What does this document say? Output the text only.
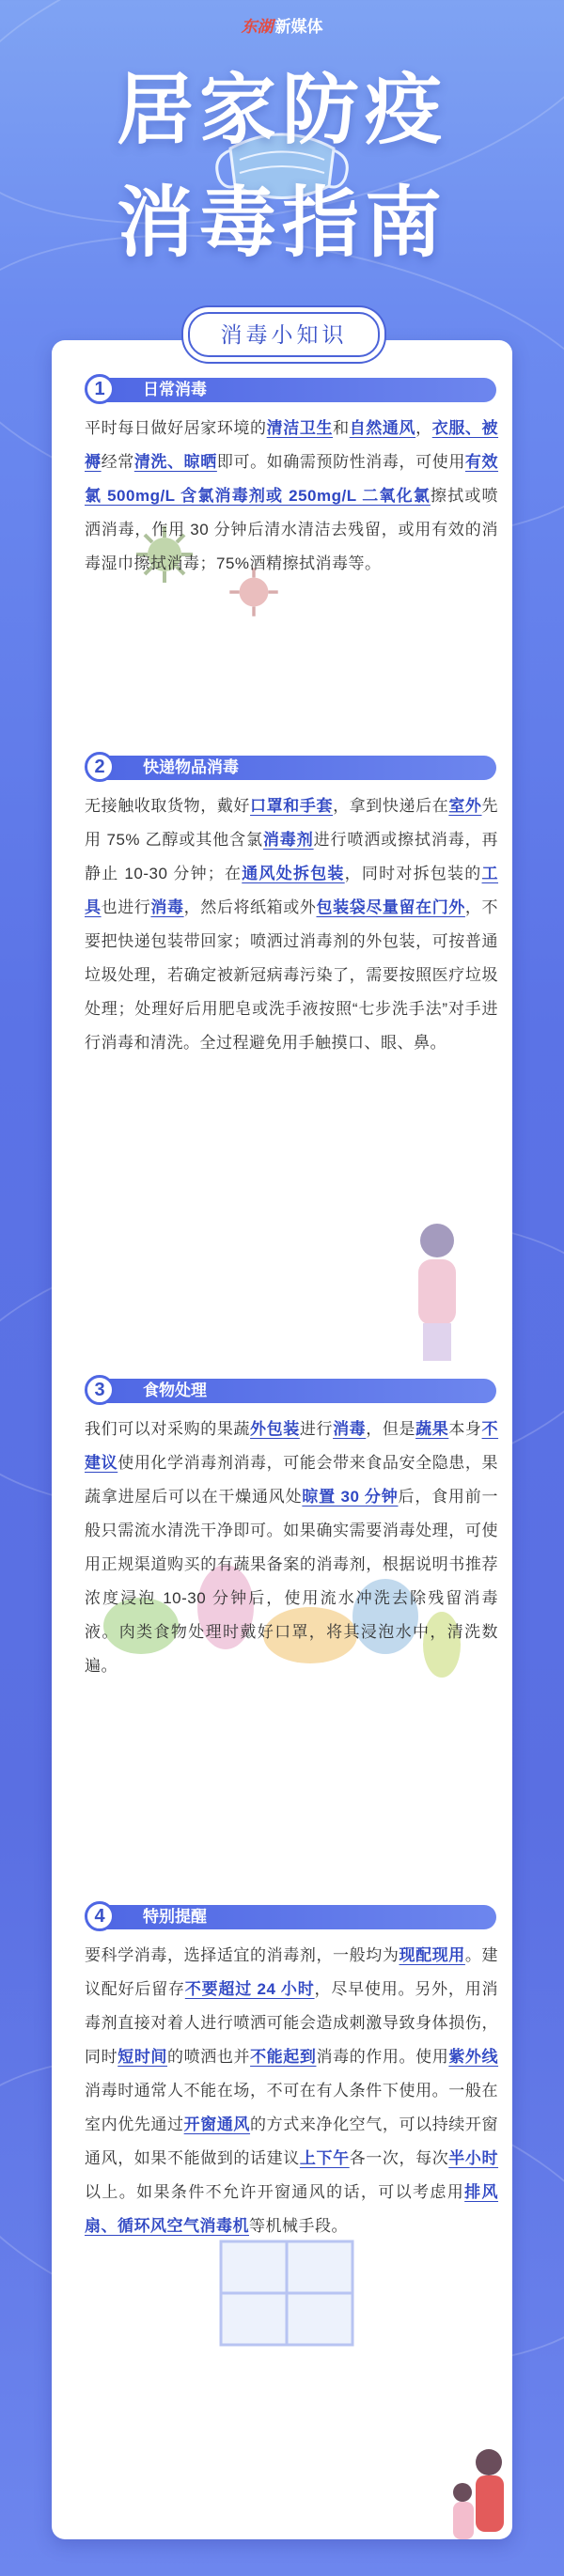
东湖 新媒体
居家防疫
消毒指南
消毒小知识
1	日常消毒

平时每日做好居家环境的清洁卫生和自然通风，衣服、被褥经常清洗、晾晒即可。如确需预防性消毒，可使用有效氯 500mg/L 含氯消毒剂或 250mg/L 二氧化氯擦拭或喷洒消毒，作用 30 分钟后清水清洁去残留，或用有效的消毒湿巾擦拭消毒；75%酒精擦拭消毒等。

2	快递物品消毒

无接触收取货物，戴好口罩和手套，拿到快递后在室外先用 75% 乙醇或其他含氯消毒剂进行喷洒或擦拭消毒，再静止 10-30 分钟；在通风处拆包装，同时对拆包装的工具也进行消毒，然后将纸箱或外包装袋尽量留在门外，不要把快递包装带回家；喷洒过消毒剂的外包装，可按普通垃圾处理，若确定被新冠病毒污染了，需要按照医疗垃圾处理；处理好后用肥皂或洗手液按照“七步洗手法”对手进行消毒和清洗。全过程避免用手触摸口、眼、鼻。

3	食物处理

我们可以对采购的果蔬外包装进行消毒，但是蔬果本身不建议使用化学消毒剂消毒，可能会带来食品安全隐患，果蔬拿进屋后可以在干燥通风处晾置 30 分钟后，食用前一般只需流水清洗干净即可。如果确实需要消毒处理，可使用正规渠道购买的有蔬果备案的消毒剂，根据说明书推荐浓度浸泡 10-30 分钟后，使用流水冲洗去除残留消毒液。肉类食物处理时戴好口罩，将其浸泡水中，清洗数遍。

4	特别提醒

要科学消毒，选择适宜的消毒剂，一般均为现配现用。建议配好后留存不要超过 24 小时，尽早使用。另外，用消毒剂直接对着人进行喷洒可能会造成刺激导致身体损伤，同时短时间的喷洒也并不能起到消毒的作用。使用紫外线消毒时通常人不能在场，不可在有人条件下使用。一般在室内优先通过开窗通风的方式来净化空气，可以持续开窗通风，如果不能做到的话建议上下午各一次，每次半小时以上。如果条件不允许开窗通风的话，可以考虑用排风扇、循环风空气消毒机等机械手段。
